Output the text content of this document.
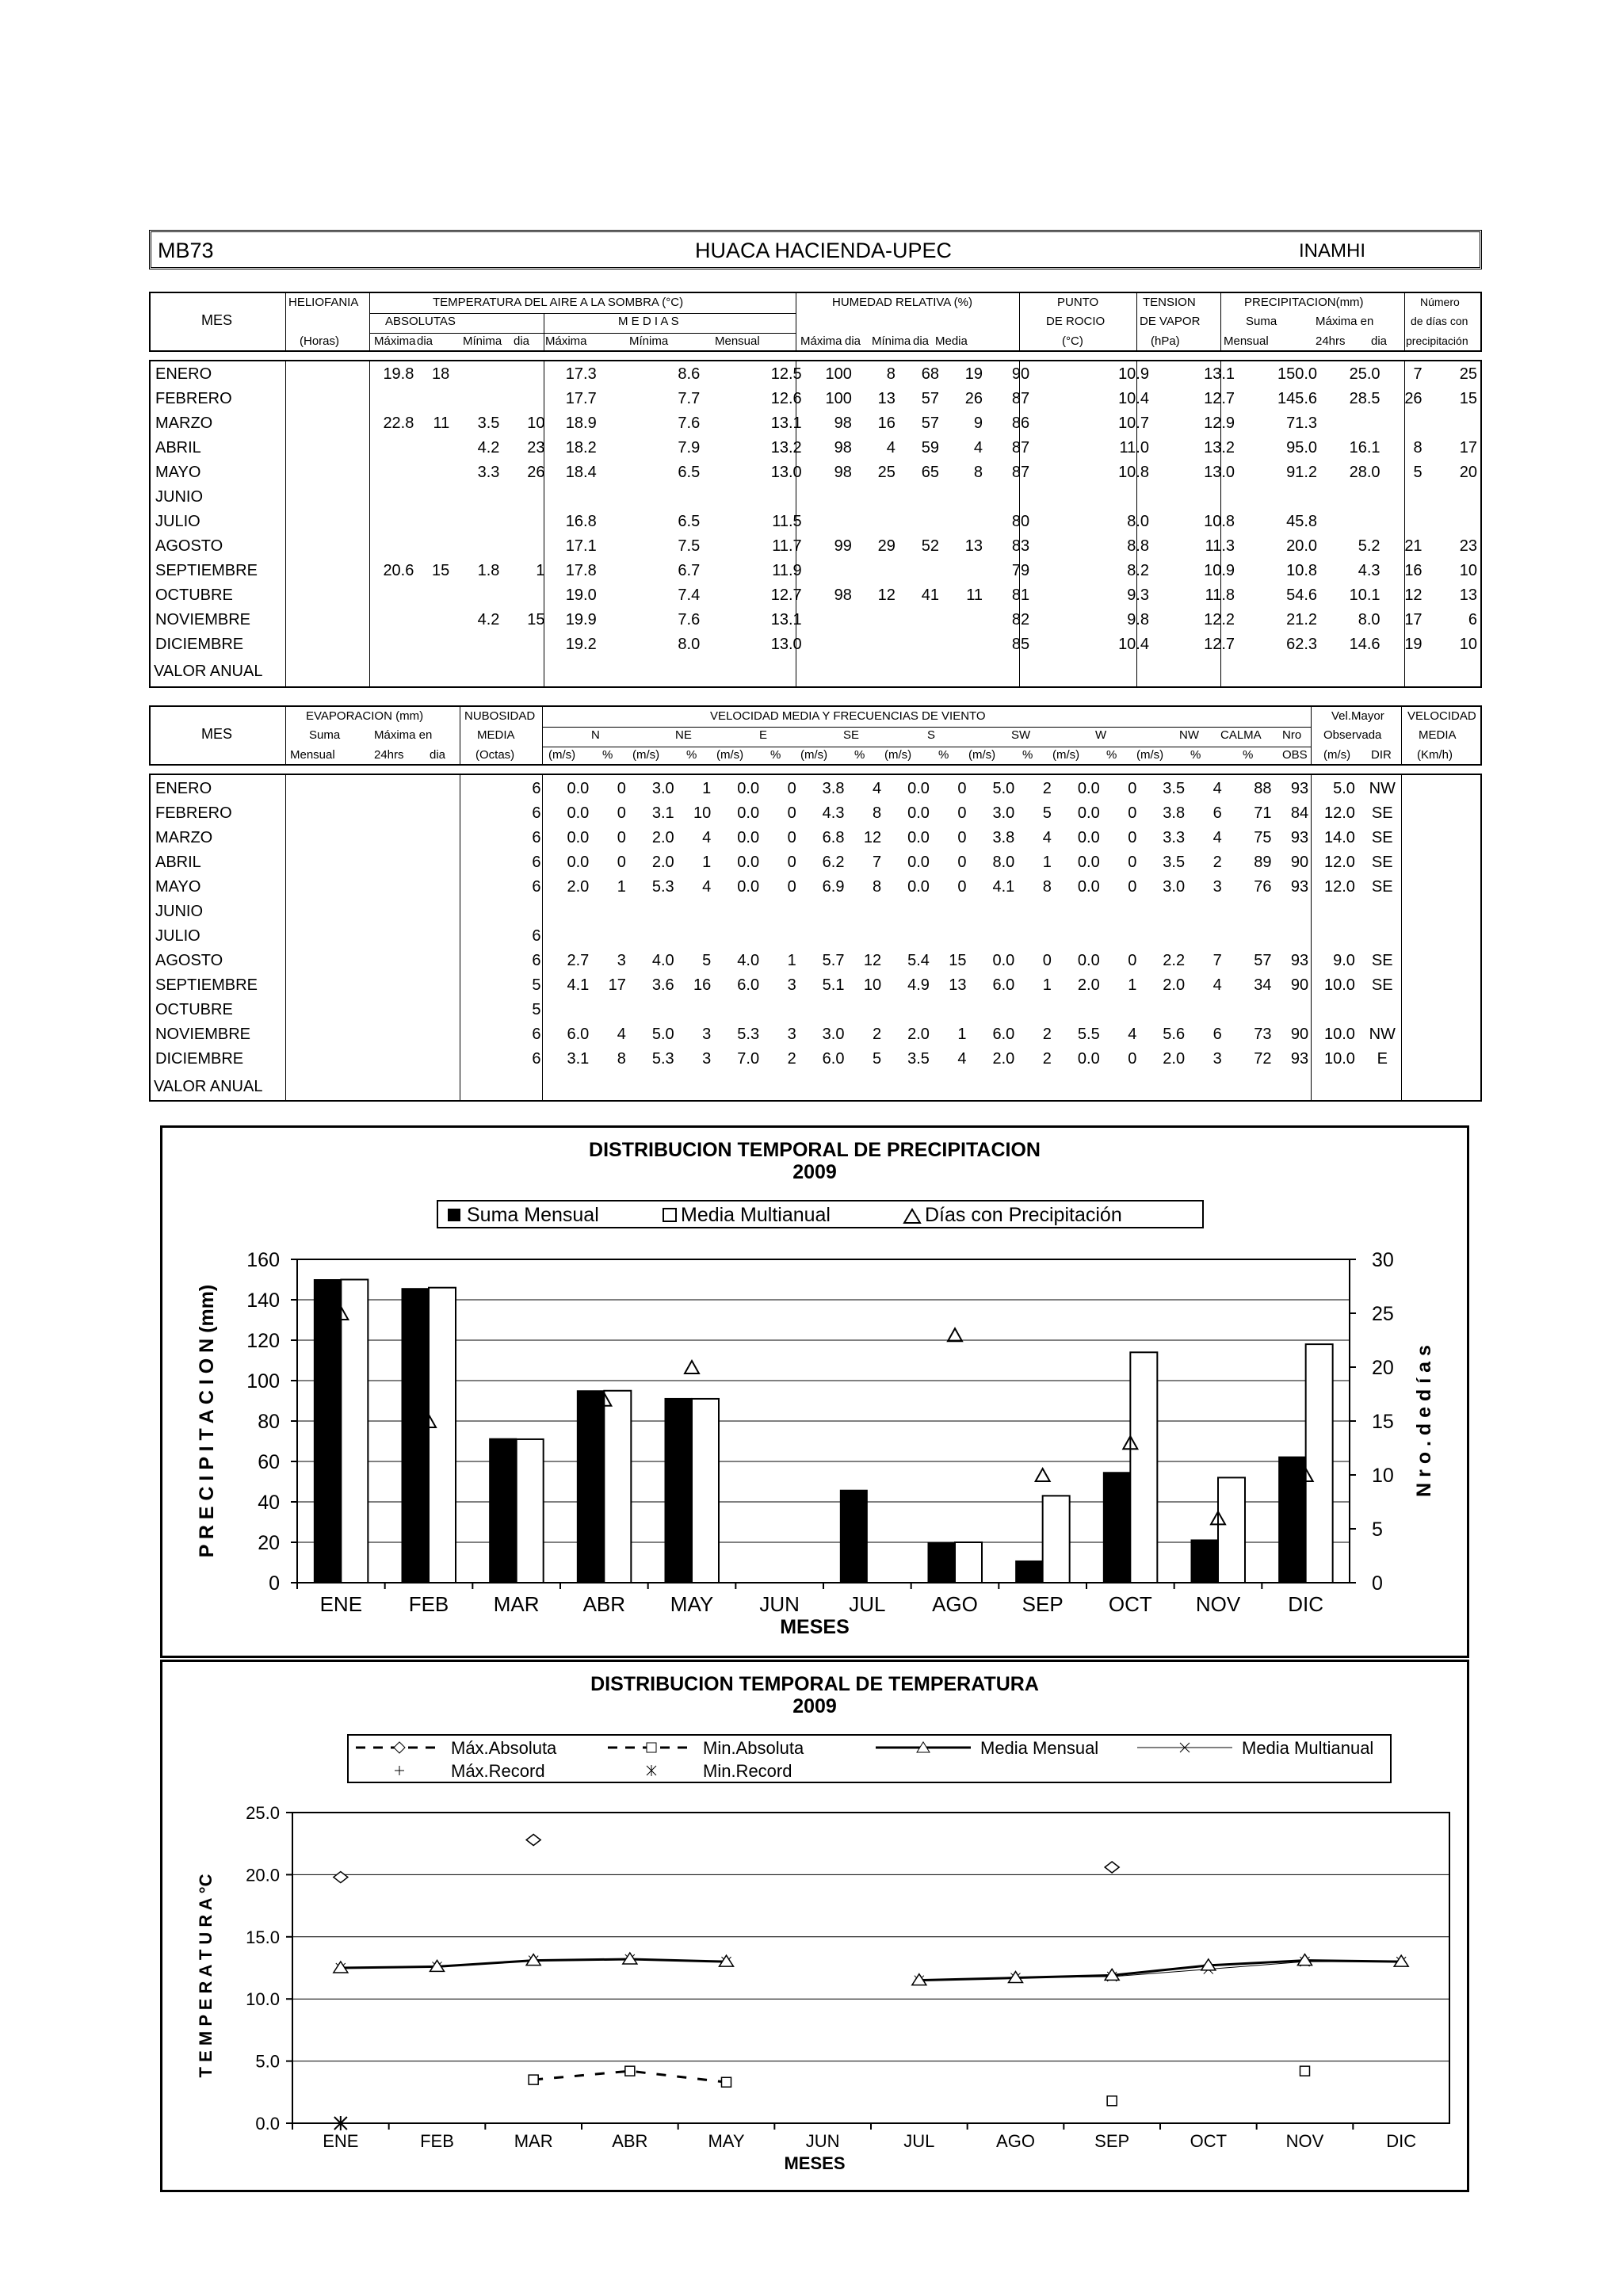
MB73	HUACA HACIENDA-UPEC	INAMHI
MES
HELIOFANIA
(Horas)
TEMPERATURA DEL AIRE A LA SOMBRA (°C)
ABSOLUTAS	M E D I A S
Máxima dia	Mínima dia Máxima	Mínima	Mensual
HUMEDAD RELATIVA (%)
Máxima dia Mínima dia Media
PUNTO
DE ROCIO
(°C)
TENSION
DE VAPOR
(hPa)
PRECIPITACION(mm)
Suma
Mensual
Máxima en
24hrs dia
Número
de días con
precipitación
ENERO		19.8	18			17.3	8.6	12.5	100	8	68	19	90	10.9	13.1	150.0	25.0	7	25
FEBRERO						17.7	7.7	12.6	100	13	57	26	87	10.4	12.7	145.6	28.5	26	15
MARZO		22.8	11	3.5	10	18.9	7.6	13.1	98	16	57	9	86	10.7	12.9	71.3			
ABRIL				4.2	23	18.2	7.9	13.2	98	4	59	4	87	11.0	13.2	95.0	16.1	8	17
MAYO				3.3	26	18.4	6.5	13.0	98	25	65	8	87	10.8	13.0	91.2	28.0	5	20
JUNIO																			
JULIO						16.8	6.5	11.5					80	8.0	10.8	45.8			
AGOSTO						17.1	7.5	11.7	99	29	52	13	83	8.8	11.3	20.0	5.2	21	23
SEPTIEMBRE		20.6	15	1.8	1	17.8	6.7	11.9					79	8.2	10.9	10.8	4.3	16	10
OCTUBRE						19.0	7.4	12.7	98	12	41	11	81	9.3	11.8	54.6	10.1	12	13
NOVIEMBRE				4.2	15	19.9	7.6	13.1					82	9.8	12.2	21.2	8.0	17	6
DICIEMBRE						19.2	8.0	13.0					85	10.4	12.7	62.3	14.6	19	10
VALOR ANUAL
MES
EVAPORACION (mm)
Suma
Mensual
Máxima en
24hrs dia
NUBOSIDAD
MEDIA
(Octas)
VELOCIDAD MEDIA Y FRECUENCIAS DE VIENTO
N
(m/s) %
NE
(m/s) %
E
(m/s) %
SE
(m/s) %
S
(m/s) %
SW
(m/s) %
W
(m/s) %
NW
(m/s) %
CALMA
%
Nro
OBS
Vel.Mayor
Observada
(m/s) DIR
VELOCIDAD
MEDIA
(Km/h)
ENERO				6	0.0	0	3.0	1	0.0	0	3.8	4	0.0	0	5.0	2	0.0	0	3.5	4	88	93	5.0	NW	
FEBRERO				6	0.0	0	3.1	10	0.0	0	4.3	8	0.0	0	3.0	5	0.0	0	3.8	6	71	84	12.0	SE	
MARZO				6	0.0	0	2.0	4	0.0	0	6.8	12	0.0	0	3.8	4	0.0	0	3.3	4	75	93	14.0	SE	
ABRIL				6	0.0	0	2.0	1	0.0	0	6.2	7	0.0	0	8.0	1	0.0	0	3.5	2	89	90	12.0	SE	
MAYO				6	2.0	1	5.3	4	0.0	0	6.9	8	0.0	0	4.1	8	0.0	0	3.0	3	76	93	12.0	SE	
JUNIO																									
JULIO				6																					
AGOSTO				6	2.7	3	4.0	5	4.0	1	5.7	12	5.4	15	0.0	0	0.0	0	2.2	7	57	93	9.0	SE	
SEPTIEMBRE				5	4.1	17	3.6	16	6.0	3	5.1	10	4.9	13	6.0	1	2.0	1	2.0	4	34	90	10.0	SE	
OCTUBRE				5																					
NOVIEMBRE				6	6.0	4	5.0	3	5.3	3	3.0	2	2.0	1	6.0	2	5.5	4	5.6	6	73	90	10.0	NW	
DICIEMBRE				6	3.1	8	5.3	3	7.0	2	6.0	5	3.5	4	2.0	2	0.0	0	2.0	3	72	93	10.0	E	
VALOR ANUAL
DISTRIBUCION TEMPORAL DE PRECIPITACION
2009
Suma Mensual	Media Multianual	Días con Precipitación
0
20
40
60
80
100
120
140
160
0
5
10
15
20
25
30
ENE FEB MAR ABR MAY JUN JUL AGO SEP OCT NOV DIC
MESES
P R E C I P I T A C I O N (mm)	N r o . d e d í a s
DISTRIBUCION TEMPORAL DE TEMPERATURA
2009
Máx.Absoluta	Min.Absoluta	Media Mensual	Media Multianual
Máx.Record	Min.Record
0.0
5.0
10.0
15.0
20.0
25.0
ENE	FEB	MAR	ABR	MAY	JUN	JUL	AGO	SEP	OCT	NOV	DIC
MESES
T E M P E R A T U R A °C
